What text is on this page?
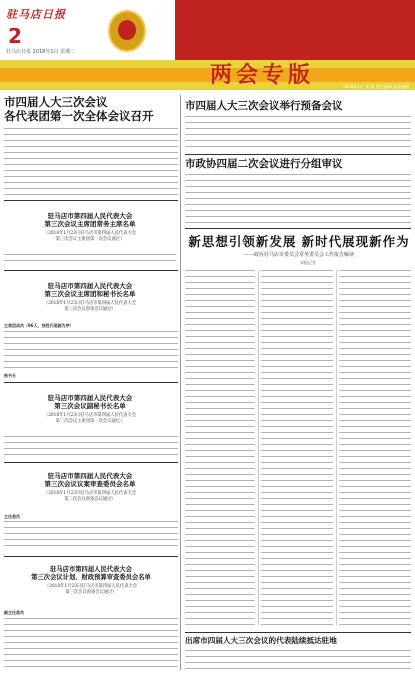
驻马店日报
2
驻马店日报 2018年1月 星期二
两会专版	2018年1月 第 版 责任编辑 美术编辑
市四届人大三次会议
各代表团第一次全体会议召开
驻马店市第四届人民代表大会
第三次会议主席团常务主席名单
（2018年1月23日驻马店市第四届人民代表大会
第三次会议主席团第一次会议通过）
驻马店市第四届人民代表大会
第三次会议主席团和秘书长名单
（2018年1月23日驻马店市第四届人民代表大会
第三次会议预备会议通过）
主席团成员（96人，按姓氏笔画为序）
秘书长
驻马店市第四届人民代表大会
第三次会议副秘书长名单
（2018年1月23日驻马店市第四届人民代表大会
第三次会议主席团第一次会议通过）
驻马店市第四届人民代表大会
第三次会议议案审查委员会名单
（2018年1月23日驻马店市第四届人民代表大会
第三次会议预备会议通过）
主任委员
驻马店市第四届人民代表大会
第三次会议计划、财政预算审查委员会名单
（2018年1月23日驻马店市第四届人民代表大会
第三次会议预备会议通过）
副主任委员
市四届人大三次会议举行预备会议
市政协四届二次会议进行分组审议
新思想引领新发展 新时代展现新作为
——政协驻马店市委员会常务委员会工作报告解读
本报记者
出席市四届人大三次会议的代表陆续抵达驻地
